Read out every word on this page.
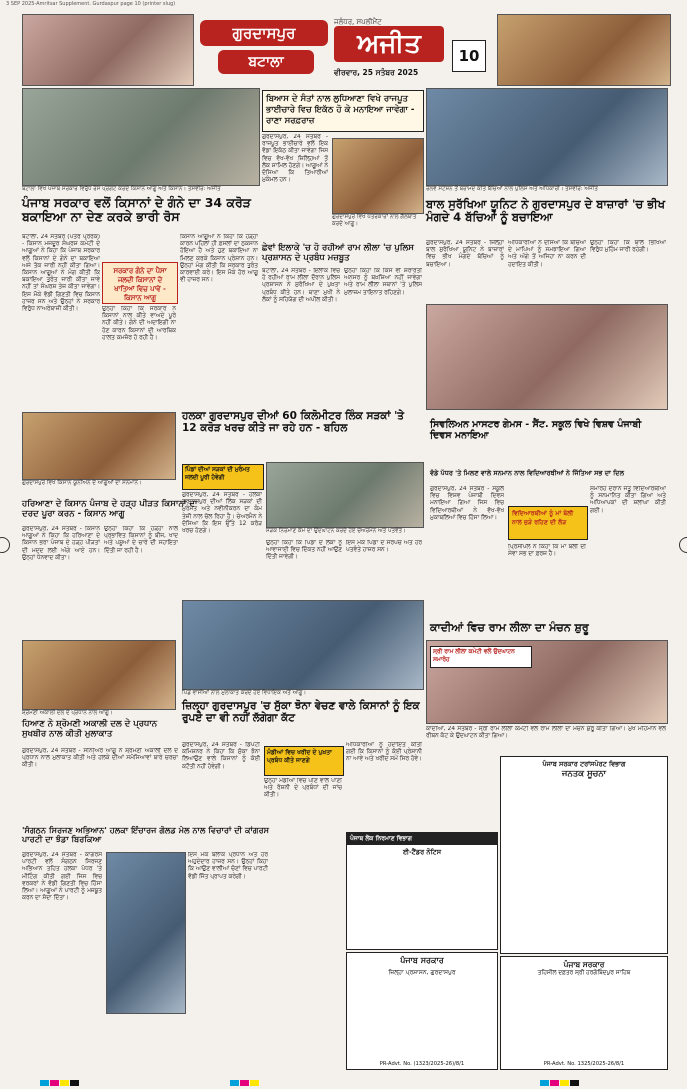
3 SEP 2025-Amritsar Supplement. Gurdaspur page 10 (printer slug)
ਗੁਰਦਾਸਪੁਰ
ਬਟਾਲਾ
ਜਲੰਧਰ, ਸਪਲੀਮੈਂਟ
ਅਜੀਤ
ਵੀਰਵਾਰ, 25 ਸਤੰਬਰ 2025
10
ਬਟਾਲਾ ਵਿਖੇ ਪੰਜਾਬ ਸਰਕਾਰ ਵਿਰੁੱਧ ਰੋਸ ਪ੍ਰਗਟ ਕਰਦੇ ਕਿਸਾਨ ਆਗੂ ਅਤੇ ਕਿਸਾਨ। ਤਸਵੀਰ: ਅਜੀਤ
ਪੰਜਾਬ ਸਰਕਾਰ ਵਲੋਂ ਕਿਸਾਨਾਂ ਦੇ ਗੰਨੇ ਦਾ 34 ਕਰੋੜ ਬਕਾਇਆ ਨਾ ਦੇਣ ਕਰਕੇ ਭਾਰੀ ਰੋਸ
ਬਟਾਲਾ, 24 ਸਤੰਬਰ (ਪੱਤਰ ਪ੍ਰੇਰਕ) - ਕਿਸਾਨ ਮਜਦੂਰ ਸੰਘਰਸ਼ ਕਮੇਟੀ ਦੇ ਆਗੂਆਂ ਨੇ ਕਿਹਾ ਕਿ ਪੰਜਾਬ ਸਰਕਾਰ ਵਲੋਂ ਕਿਸਾਨਾਂ ਦੇ ਗੰਨੇ ਦਾ ਬਕਾਇਆ ਅਜੇ ਤੱਕ ਜਾਰੀ ਨਹੀਂ ਕੀਤਾ ਗਿਆ। ਕਿਸਾਨ ਆਗੂਆਂ ਨੇ ਮੰਗ ਕੀਤੀ ਕਿ ਬਕਾਇਆ ਤੁਰੰਤ ਜਾਰੀ ਕੀਤਾ ਜਾਵੇ ਨਹੀਂ ਤਾਂ ਸੰਘਰਸ਼ ਤੇਜ਼ ਕੀਤਾ ਜਾਵੇਗਾ। ਇਸ ਮੌਕੇ ਵੱਡੀ ਗਿਣਤੀ ਵਿਚ ਕਿਸਾਨ ਹਾਜ਼ਰ ਸਨ ਅਤੇ ਉਨ੍ਹਾਂ ਨੇ ਸਰਕਾਰ ਵਿਰੁੱਧ ਨਾਅਰੇਬਾਜ਼ੀ ਕੀਤੀ।
ਸਰਕਾਰ ਗੰਨੇ ਦਾ ਪੈਸਾ ਜਲਦੀ ਕਿਸਾਨਾਂ ਦੇ ਖਾਤਿਆਂ ਵਿਚ ਪਾਵੇ - ਕਿਸਾਨ ਆਗੂ
ਉਨ੍ਹਾਂ ਕਿਹਾ ਕਿ ਸਰਕਾਰ ਨੇ ਕਿਸਾਨਾਂ ਨਾਲ ਕੀਤੇ ਵਾਅਦੇ ਪੂਰੇ ਨਹੀਂ ਕੀਤੇ। ਗੰਨੇ ਦੀ ਅਦਾਇਗੀ ਨਾ ਹੋਣ ਕਾਰਨ ਕਿਸਾਨਾਂ ਦੀ ਆਰਥਿਕ ਹਾਲਤ ਕਮਜ਼ੋਰ ਹੋ ਰਹੀ ਹੈ।
ਕਿਸਾਨ ਆਗੂਆਂ ਨੇ ਕਿਹਾ ਕਿ ਹੜ੍ਹਾਂ ਕਾਰਨ ਪਹਿਲਾਂ ਹੀ ਫ਼ਸਲਾਂ ਦਾ ਨੁਕਸਾਨ ਹੋਇਆ ਹੈ ਅਤੇ ਹੁਣ ਬਕਾਇਆ ਨਾ ਮਿਲਣ ਕਰਕੇ ਕਿਸਾਨ ਪ੍ਰੇਸ਼ਾਨ ਹਨ। ਉਨ੍ਹਾਂ ਮੰਗ ਕੀਤੀ ਕਿ ਸਰਕਾਰ ਤੁਰੰਤ ਕਾਰਵਾਈ ਕਰੇ। ਇਸ ਮੌਕੇ ਹੋਰ ਆਗੂ ਵੀ ਹਾਜ਼ਰ ਸਨ।
ਬਿਆਸ ਦੇ ਸੰਤਾਂ ਨਾਲ ਲੁਧਿਆਣਾ ਵਿਖੇ ਰਾਜਪੂਤ ਭਾਈਚਾਰੇ ਵਿਚ ਇਕੱਠ ਹੋ ਕੇ ਮਨਾਇਆ ਜਾਵੇਗਾ - ਰਾਣਾ ਸਰਫ਼ਰਾਜ਼
ਗੁਰਦਾਸਪੁਰ, 24 ਸਤੰਬਰ - ਰਾਜਪੂਤ ਭਾਈਚਾਰੇ ਵਲੋਂ ਇਕ ਵੱਡਾ ਇਕੱਠ ਕੀਤਾ ਜਾਵੇਗਾ ਜਿਸ ਵਿਚ ਵੱਖ-ਵੱਖ ਜ਼ਿਲ੍ਹਿਆਂ ਤੋਂ ਲੋਕ ਸ਼ਾਮਿਲ ਹੋਣਗੇ। ਆਗੂਆਂ ਨੇ ਦੱਸਿਆ ਕਿ ਤਿਆਰੀਆਂ ਮੁਕੰਮਲ ਹਨ।
ਗੁਰਦਾਸਪੁਰ ਵਿਖੇ ਪੱਤਰਕਾਰਾਂ ਨਾਲ ਗੱਲਬਾਤ ਕਰਦੇ ਆਗੂ।
ਛੇਵਾਂ ਇਲਾਕੇ 'ਚ ਹੋ ਰਹੀਆਂ ਰਾਮ ਲੀਲਾ 'ਚ ਪੁਲਿਸ ਪ੍ਰਸ਼ਾਸਨ ਦੇ ਪ੍ਰਬੰਧ ਮਜ਼ਬੂਤ
ਬਟਾਲਾ, 24 ਸਤੰਬਰ - ਇਲਾਕੇ ਵਿਚ ਹੋ ਰਹੀਆਂ ਰਾਮ ਲੀਲਾ ਦੌਰਾਨ ਪੁਲਿਸ ਪ੍ਰਸ਼ਾਸਨ ਨੇ ਸੁਰੱਖਿਆ ਦੇ ਪੁਖ਼ਤਾ ਪ੍ਰਬੰਧ ਕੀਤੇ ਹਨ। ਥਾਣਾ ਮੁਖੀ ਨੇ ਲੋਕਾਂ ਨੂੰ ਸਹਿਯੋਗ ਦੀ ਅਪੀਲ ਕੀਤੀ।
ਉਨ੍ਹਾਂ ਕਿਹਾ ਕਿ ਕਿਸੇ ਵੀ ਸ਼ਰਾਰਤੀ ਅਨਸਰ ਨੂੰ ਬਖ਼ਸ਼ਿਆ ਨਹੀਂ ਜਾਵੇਗਾ ਅਤੇ ਰਾਮ ਲੀਲਾ ਸਥਾਨਾਂ 'ਤੇ ਪੁਲਿਸ ਮੁਲਾਜ਼ਮ ਤਾਇਨਾਤ ਰਹਿਣਗੇ।
ਰੇਲਵੇ ਸਟੇਸ਼ਨ ਤੋਂ ਬਰਾਮਦ ਕੀਤੇ ਬੱਚਿਆਂ ਨਾਲ ਪੁਲਿਸ ਅਤੇ ਅਧਿਕਾਰੀ। ਤਸਵੀਰ: ਅਜੀਤ
ਬਾਲ ਸੁਰੱਖਿਆ ਯੂਨਿਟ ਨੇ ਗੁਰਦਾਸਪੁਰ ਦੇ ਬਾਜ਼ਾਰਾਂ 'ਚ ਭੀਖ ਮੰਗਦੇ 4 ਬੱਚਿਆਂ ਨੂੰ ਬਚਾਇਆ
ਗੁਰਦਾਸਪੁਰ, 24 ਸਤੰਬਰ - ਜ਼ਿਲ੍ਹਾ ਬਾਲ ਸੁਰੱਖਿਆ ਯੂਨਿਟ ਨੇ ਬਾਜ਼ਾਰਾਂ ਵਿਚ ਭੀਖ ਮੰਗਦੇ ਬੱਚਿਆਂ ਨੂੰ ਬਚਾਇਆ।
ਅਧਿਕਾਰੀਆਂ ਨੇ ਦੱਸਿਆ ਕਿ ਬੱਚਿਆਂ ਦੇ ਮਾਪਿਆਂ ਨੂੰ ਸਮਝਾਇਆ ਗਿਆ ਅਤੇ ਅੱਗੇ ਤੋਂ ਅਜਿਹਾ ਨਾ ਕਰਨ ਦੀ ਹਦਾਇਤ ਕੀਤੀ।
ਉਨ੍ਹਾਂ ਕਿਹਾ ਕਿ ਬਾਲ ਭਿੱਖਿਆ ਵਿਰੁੱਧ ਮੁਹਿੰਮ ਜਾਰੀ ਰਹੇਗੀ।
ਸਿਵਲਿਅਨ ਮਾਸਟਰ ਗੇਮਸ - ਸੈਂਟ. ਸਕੂਲ ਵਿਖੇ ਵਿਸ਼ਵ ਪੰਜਾਬੀ ਦਿਵਸ ਮਨਾਇਆ
ਗੁਰਦਾਸਪੁਰ ਵਿਖੇ ਕਿਸਾਨ ਯੂਨੀਅਨ ਦੇ ਆਗੂਆਂ ਦਾ ਸਨਮਾਨ।
ਹਰਿਆਣਾ ਦੇ ਕਿਸਾਨ ਪੰਜਾਬ ਦੇ ਹੜ੍ਹ ਪੀੜਤ ਕਿਸਾਨਾਂ ਦਾ ਦਰਦ ਪੂਰਾ ਕਰਨ - ਕਿਸਾਨ ਆਗੂ
ਗੁਰਦਾਸਪੁਰ, 24 ਸਤੰਬਰ - ਕਿਸਾਨ ਆਗੂਆਂ ਨੇ ਕਿਹਾ ਕਿ ਹਰਿਆਣਾ ਦੇ ਕਿਸਾਨ ਭਰਾ ਪੰਜਾਬ ਦੇ ਹੜ੍ਹ ਪੀੜਤਾਂ ਦੀ ਮਦਦ ਲਈ ਅੱਗੇ ਆਏ ਹਨ। ਉਨ੍ਹਾਂ ਧੰਨਵਾਦ ਕੀਤਾ।
ਉਨ੍ਹਾਂ ਕਿਹਾ ਕਿ ਹੜ੍ਹਾਂ ਨਾਲ ਪ੍ਰਭਾਵਿਤ ਕਿਸਾਨਾਂ ਨੂੰ ਬੀਜ, ਖਾਦ ਅਤੇ ਪਸ਼ੂਆਂ ਦੇ ਚਾਰੇ ਦੀ ਸਹਾਇਤਾ ਦਿੱਤੀ ਜਾ ਰਹੀ ਹੈ।
ਹਲਕਾ ਗੁਰਦਾਸਪੁਰ ਦੀਆਂ 60 ਕਿਲੋਮੀਟਰ ਲਿੰਕ ਸੜਕਾਂ 'ਤੇ 12 ਕਰੋੜ ਖਰਚ ਕੀਤੇ ਜਾ ਰਹੇ ਹਨ - ਬਹਿਲ
ਪਿੰਡਾਂ ਦੀਆਂ ਸੜਕਾਂ ਦੀ ਮੁਰੰਮਤ ਜਲਦੀ ਪੂਰੀ ਹੋਵੇਗੀ
ਗੁਰਦਾਸਪੁਰ, 24 ਸਤੰਬਰ - ਹਲਕਾ ਗੁਰਦਾਸਪੁਰ ਦੀਆਂ ਲਿੰਕ ਸੜਕਾਂ ਦੀ ਮੁਰੰਮਤ ਅਤੇ ਨਵੀਨੀਕਰਨ ਦਾ ਕੰਮ ਤੇਜ਼ੀ ਨਾਲ ਚੱਲ ਰਿਹਾ ਹੈ। ਚੇਅਰਮੈਨ ਨੇ ਦੱਸਿਆ ਕਿ ਇਸ ਉੱਤੇ 12 ਕਰੋੜ ਖਰਚ ਹੋਣਗੇ।	ਸੜਕ ਨਿਰਮਾਣ ਕੰਮ ਦਾ ਉਦਘਾਟਨ ਕਰਦੇ ਹੋਏ ਚੇਅਰਮੈਨ ਅਤੇ ਪਤਵੰਤੇ।
ਉਨ੍ਹਾਂ ਕਿਹਾ ਕਿ ਪਿੰਡਾਂ ਦੇ ਲੋਕਾਂ ਨੂੰ ਆਵਾਜਾਈ ਵਿਚ ਦਿੱਕਤ ਨਹੀਂ ਆਉਣ ਦਿੱਤੀ ਜਾਵੇਗੀ।
ਇਸ ਮੌਕੇ ਪਿੰਡਾਂ ਦੇ ਸਰਪੰਚ ਅਤੇ ਹੋਰ ਪਤਵੰਤੇ ਹਾਜ਼ਰ ਸਨ।
ਵੱਡੇ ਪੱਧਰ 'ਤੇ ਮਿਲਣ ਵਾਲੇ ਸਨਮਾਨ ਨਾਲ ਵਿਦਿਆਰਥੀਆਂ ਨੇ ਜਿੱਤਿਆ ਸਭ ਦਾ ਦਿਲ
ਗੁਰਦਾਸਪੁਰ, 24 ਸਤੰਬਰ - ਸਕੂਲ ਵਿਚ ਵਿਸ਼ਵ ਪੰਜਾਬੀ ਦਿਵਸ ਮਨਾਇਆ ਗਿਆ ਜਿਸ ਵਿਚ ਵਿਦਿਆਰਥੀਆਂ ਨੇ ਵੱਖ-ਵੱਖ ਮੁਕਾਬਲਿਆਂ ਵਿਚ ਹਿੱਸਾ ਲਿਆ।
ਵਿਦਿਆਰਥੀਆਂ ਨੂੰ ਮਾਂ ਬੋਲੀ ਨਾਲ ਜੁੜੇ ਰਹਿਣ ਦੀ ਲੋੜ
ਪ੍ਰਿੰਸੀਪਲ ਨੇ ਕਿਹਾ ਕਿ ਮਾਂ ਬੋਲੀ ਦੀ ਸੇਵਾ ਸਭ ਦਾ ਫ਼ਰਜ਼ ਹੈ।
ਸਮਾਰੋਹ ਦੌਰਾਨ ਜੇਤੂ ਵਿਦਿਆਰਥੀਆਂ ਨੂੰ ਸਨਮਾਨਿਤ ਕੀਤਾ ਗਿਆ ਅਤੇ ਅਧਿਆਪਕਾਂ ਦੀ ਸ਼ਲਾਘਾ ਕੀਤੀ ਗਈ।
ਪਿੰਡ ਵਾਸੀਆਂ ਨਾਲ ਮੁਲਾਕਾਤ ਕਰਦੇ ਹੋਏ ਵਿਧਾਇਕ ਅਤੇ ਆਗੂ।
ਜ਼ਿਲ੍ਹਾ ਗੁਰਦਾਸਪੁਰ 'ਚ ਸੁੱਕਾ ਝੋਨਾ ਵੇਚਣ ਵਾਲੇ ਕਿਸਾਨਾਂ ਨੂੰ ਇਕ ਰੁਪਏ ਦਾ ਵੀ ਨਹੀਂ ਲੱਗੇਗਾ ਕੱਟ
ਗੁਰਦਾਸਪੁਰ, 24 ਸਤੰਬਰ - ਡਿਪਟੀ ਕਮਿਸ਼ਨਰ ਨੇ ਕਿਹਾ ਕਿ ਸੁੱਕਾ ਝੋਨਾ ਲਿਆਉਣ ਵਾਲੇ ਕਿਸਾਨਾਂ ਨੂੰ ਕੋਈ ਕਟੌਤੀ ਨਹੀਂ ਹੋਵੇਗੀ।
ਮੰਡੀਆਂ ਵਿਚ ਖਰੀਦ ਦੇ ਪੁਖ਼ਤਾ ਪ੍ਰਬੰਧ ਕੀਤੇ ਜਾਣਗੇ
ਉਨ੍ਹਾਂ ਮੰਡੀਆਂ ਵਿਚ ਪੀਣ ਵਾਲੇ ਪਾਣੀ ਅਤੇ ਰੋਸ਼ਨੀ ਦੇ ਪ੍ਰਬੰਧਾਂ ਦੀ ਜਾਂਚ ਕੀਤੀ।
ਅਧਿਕਾਰੀਆਂ ਨੂੰ ਹਦਾਇਤ ਕੀਤੀ ਗਈ ਕਿ ਕਿਸਾਨਾਂ ਨੂੰ ਕੋਈ ਪ੍ਰੇਸ਼ਾਨੀ ਨਾ ਆਵੇ ਅਤੇ ਖਰੀਦ ਸਮੇਂ ਸਿਰ ਹੋਵੇ।
ਕਾਦੀਆਂ ਵਿਚ ਰਾਮ ਲੀਲਾ ਦਾ ਮੰਚਨ ਸ਼ੁਰੂ
ਸ੍ਰੀ ਰਾਮ ਲੀਲਾ ਕਮੇਟੀ ਵਲੋਂ ਉਦਘਾਟਨ ਸਮਾਰੋਹ
ਕਾਦੀਆਂ, 24 ਸਤੰਬਰ - ਸ੍ਰੀ ਰਾਮ ਲੀਲਾ ਕਮੇਟੀ ਵਲੋਂ ਰਾਮ ਲੀਲਾ ਦਾ ਮੰਚਨ ਸ਼ੁਰੂ ਕੀਤਾ ਗਿਆ। ਮੁੱਖ ਮਹਿਮਾਨ ਵਲੋਂ ਰੀਬਨ ਕੱਟ ਕੇ ਉਦਘਾਟਨ ਕੀਤਾ ਗਿਆ।
ਸ਼੍ਰੋਮਣੀ ਅਕਾਲੀ ਦਲ ਦੇ ਪ੍ਰਧਾਨ ਨਾਲ ਆਗੂ।
ਹਿਆਣ ਨੇ ਸ਼੍ਰੋਮਣੀ ਅਕਾਲੀ ਦਲ ਦੇ ਪ੍ਰਧਾਨ ਸੁਖਬੀਰ ਨਾਲ ਕੀਤੀ ਮੁਲਾਕਾਤ
ਗੁਰਦਾਸਪੁਰ, 24 ਸਤੰਬਰ - ਸੀਨੀਅਰ ਆਗੂ ਨੇ ਸ਼੍ਰੋਮਣੀ ਅਕਾਲੀ ਦਲ ਦੇ ਪ੍ਰਧਾਨ ਨਾਲ ਮੁਲਾਕਾਤ ਕੀਤੀ ਅਤੇ ਹਲਕੇ ਦੀਆਂ ਸਮੱਸਿਆਵਾਂ ਬਾਰੇ ਚਰਚਾ ਕੀਤੀ।
'ਸੰਗਠਨ ਸਿਰਜਣ ਅਭਿਆਨ' ਹਲਕਾ ਇੰਚਾਰਜ ਗੋਲਡ ਮੇਲ ਨਾਲ ਵਿਚਾਰਾਂ ਦੀ ਕਾਂਗਰਸ ਪਾਰਟੀ ਦਾ ਝੰਡਾ ਬਿਰਕਿਆ
ਗੁਰਦਾਸਪੁਰ, 24 ਸਤੰਬਰ - ਕਾਂਗਰਸ ਪਾਰਟੀ ਵਲੋਂ ਸੰਗਠਨ ਸਿਰਜਣ ਅਭਿਆਨ ਤਹਿਤ ਹਲਕਾ ਪੱਧਰ 'ਤੇ ਮੀਟਿੰਗ ਕੀਤੀ ਗਈ ਜਿਸ ਵਿਚ ਵਰਕਰਾਂ ਨੇ ਵੱਡੀ ਗਿਣਤੀ ਵਿਚ ਹਿੱਸਾ ਲਿਆ। ਆਗੂਆਂ ਨੇ ਪਾਰਟੀ ਨੂੰ ਮਜ਼ਬੂਤ ਕਰਨ ਦਾ ਸੱਦਾ ਦਿੱਤਾ।
ਇਸ ਮੌਕੇ ਬਲਾਕ ਪ੍ਰਧਾਨ ਅਤੇ ਹੋਰ ਅਹੁਦੇਦਾਰ ਹਾਜ਼ਰ ਸਨ। ਉਨ੍ਹਾਂ ਕਿਹਾ ਕਿ ਆਉਣ ਵਾਲੀਆਂ ਚੋਣਾਂ ਵਿਚ ਪਾਰਟੀ ਵੱਡੀ ਜਿੱਤ ਪ੍ਰਾਪਤ ਕਰੇਗੀ।
ਪੰਜਾਬ ਲੋਕ ਨਿਰਮਾਣ ਵਿਭਾਗ
ਈ-ਟੈਂਡਰ ਨੋਟਿਸ
ਪੰਜਾਬ ਸਰਕਾਰ
ਜ਼ਿਲ੍ਹਾ ਪ੍ਰਸ਼ਾਸਨ, ਗੁਰਦਾਸਪੁਰ
PR-Advt. No. (1323/2025-26)/8/1
ਪੰਜਾਬ ਸਰਕਾਰ ਟਰਾਂਸਪੋਰਟ ਵਿਭਾਗ
ਜਨਤਕ ਸੂਚਨਾ
ਪੰਜਾਬ ਸਰਕਾਰ
ਤਹਿਸੀਲ ਦਫ਼ਤਰ ਸ੍ਰੀ ਹਰਗੋਬਿੰਦਪੁਰ ਸਾਹਿਬ
PR-Advt. No. 1325/2025-26/8/1
